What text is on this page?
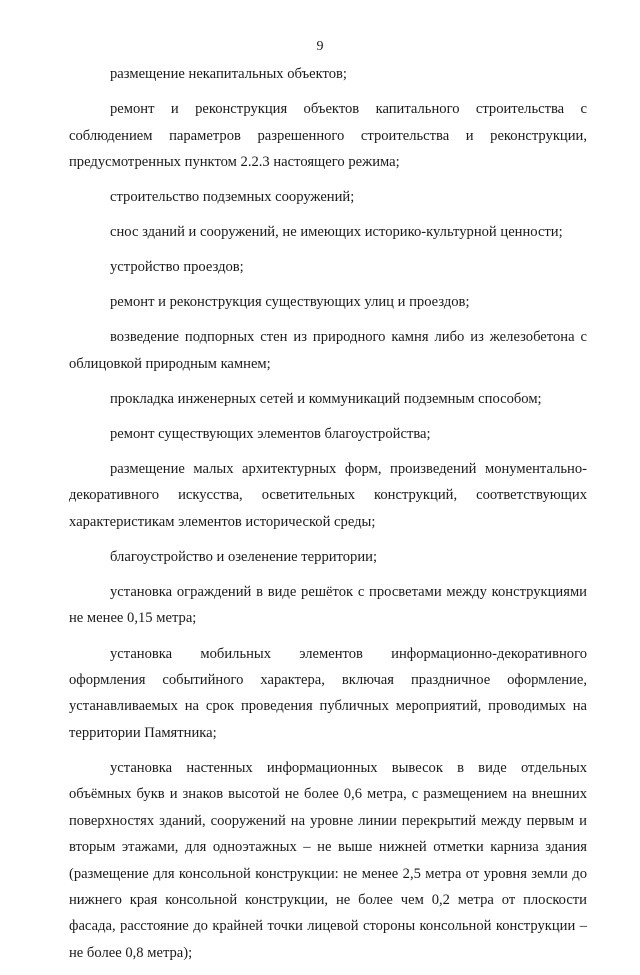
9

размещение некапитальных объектов;

ремонт и реконструкция объектов капитального строительства с соблюдением параметров разрешенного строительства и реконструкции, предусмотренных пунктом 2.2.3 настоящего режима;

строительство подземных сооружений;

снос зданий и сооружений, не имеющих историко-культурной ценности;

устройство проездов;

ремонт и реконструкция существующих улиц и проездов;

возведение подпорных стен из природного камня либо из железобетона с облицовкой природным камнем;

прокладка инженерных сетей и коммуникаций подземным способом;

ремонт существующих элементов благоустройства;

размещение малых архитектурных форм, произведений монументально-декоративного искусства, осветительных конструкций, соответствующих характеристикам элементов исторической среды;

благоустройство и озеленение территории;

установка ограждений в виде решёток с просветами между конструкциями не менее 0,15 метра;

установка мобильных элементов информационно-декоративного оформления событийного характера, включая праздничное оформление, устанавливаемых на срок проведения публичных мероприятий, проводимых на территории Памятника;

установка настенных информационных вывесок в виде отдельных объёмных букв и знаков высотой не более 0,6 метра, с размещением на внешних поверхностях зданий, сооружений на уровне линии перекрытий между первым и вторым этажами, для одноэтажных – не выше нижней отметки карниза здания (размещение для консольной конструкции: не менее 2,5 метра от уровня земли до нижнего края консольной конструкции, не более чем 0,2 метра от плоскости фасада, расстояние до крайней точки лицевой стороны консольной конструкции – не более 0,8 метра);
